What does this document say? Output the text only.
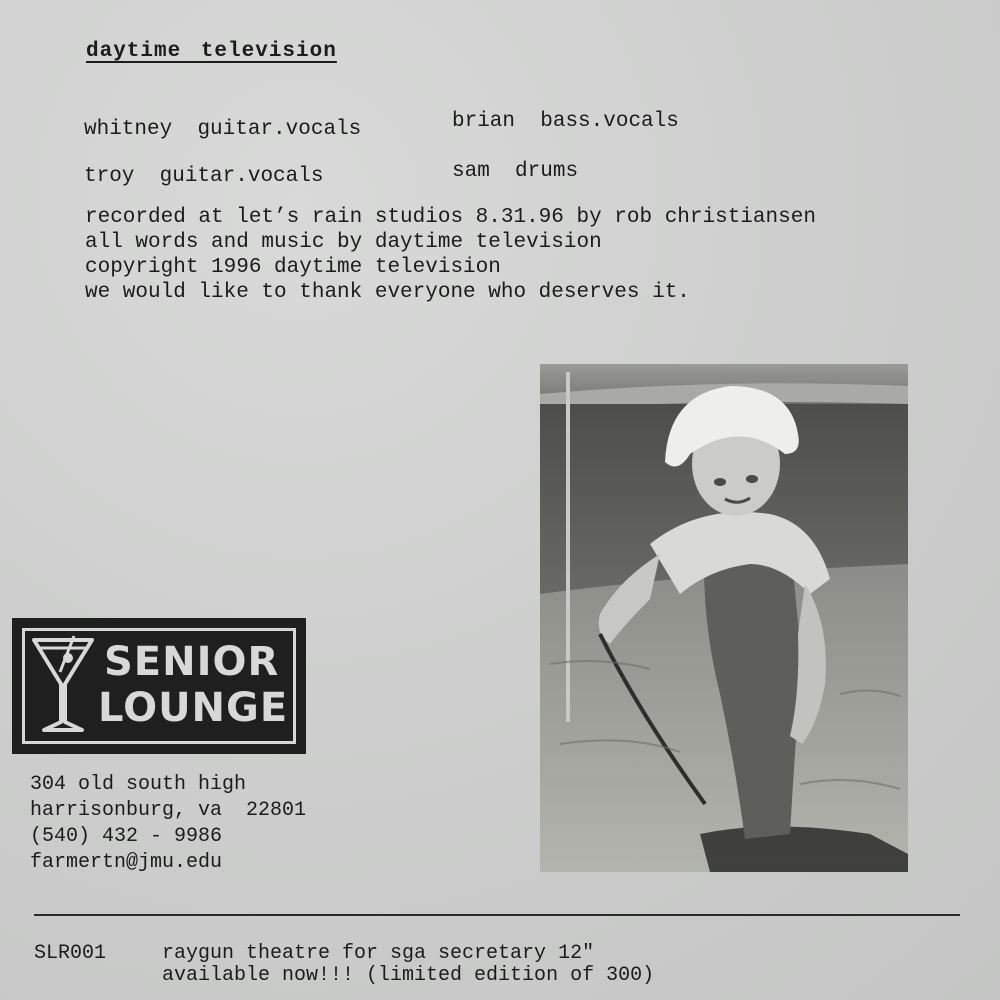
daytime television
whitney guitar.vocals	brian bass.vocals
troy guitar.vocals	sam drums
recorded at let’s rain studios 8.31.96 by rob christiansen
all words and music by daytime television
copyright 1996 daytime television
we would like to thank everyone who deserves it.
SENIOR
LOUNGE
304 old south high
harrisonburg, va  22801
(540) 432 - 9986
farmertn@jmu.edu
SLR001	raygun theatre for sga secretary 12"
available now!!! (limited edition of 300)
